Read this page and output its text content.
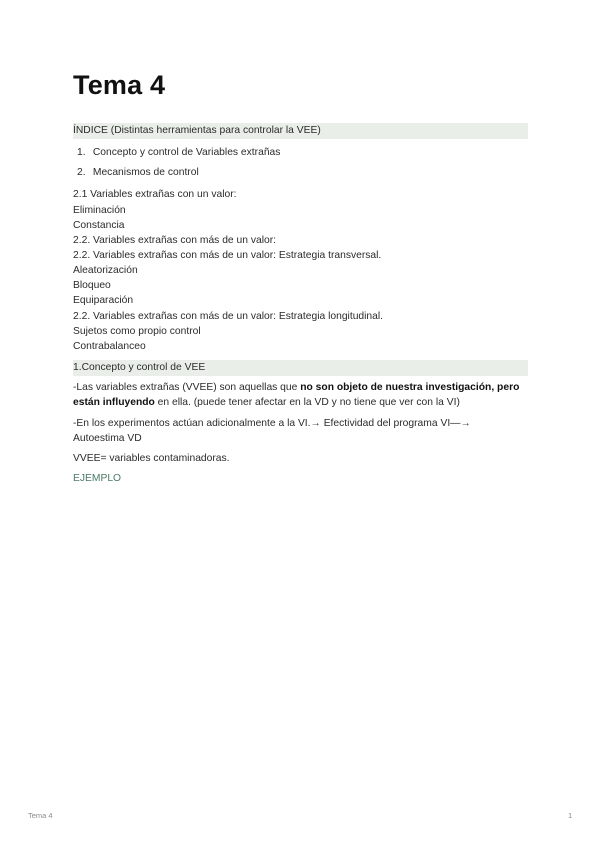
Tema 4
ÍNDICE (Distintas herramientas para controlar la VEE)
1. Concepto y control de Variables extrañas
2. Mecanismos de control
2.1 Variables extrañas con un valor:
Eliminación
Constancia
2.2. Variables extrañas con más de un valor:
2.2. Variables extrañas con más de un valor: Estrategia transversal.
Aleatorización
Bloqueo
Equiparación
2.2. Variables extrañas con más de un valor: Estrategia longitudinal.
Sujetos como propio control
Contrabalanceo
1.Concepto y control de VEE
-Las variables extrañas (VVEE) son aquellas que no son objeto de nuestra investigación, pero
están influyendo en ella. (puede tener afectar en la VD y no tiene que ver con la VI)
-En los experimentos actúan adicionalmente a la VI.→ Efectividad del programa VI—→
Autoestima VD
VVEE= variables contaminadoras.
EJEMPLO
Tema 4	1
